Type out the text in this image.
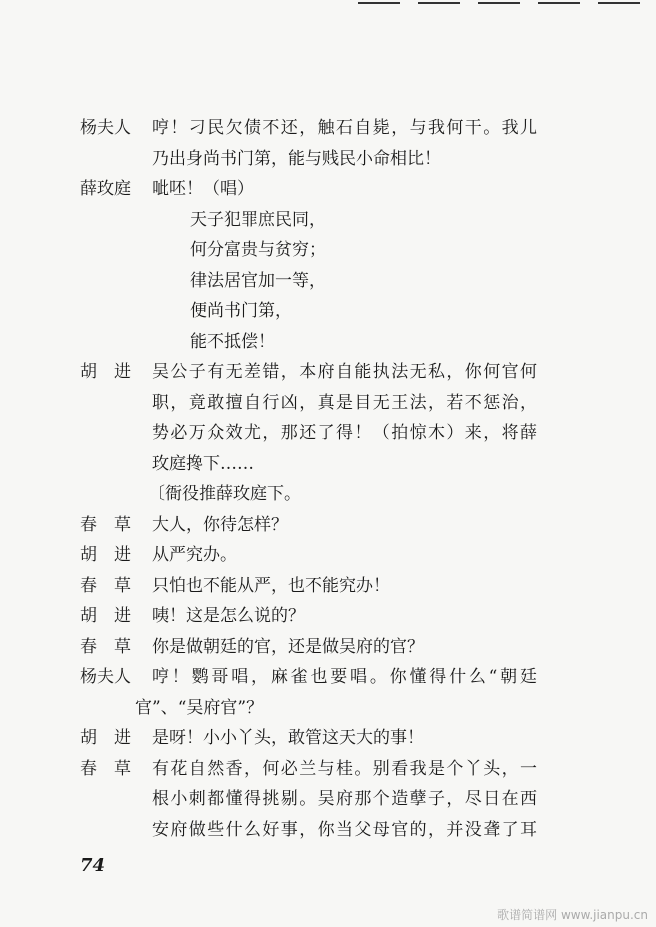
杨夫人 哼！刁民欠债不还，触石自毙，与我何干。我儿
乃出身尚书门第，能与贱民小命相比！
薛玫庭 呲呸！（唱）
天子犯罪庶民同，
何分富贵与贫穷；
律法居官加一等，
便尚书门第，
能不抵偿！
胡进 吴公子有无差错，本府自能执法无私，你何官何
职，竟敢擅自行凶，真是目无王法，若不惩治，
势必万众效尤，那还了得！（拍惊木）来，将薛
玫庭搀下……
〔衙役推薛玫庭下。
春草 大人，你待怎样？
胡进 从严究办。
春草 只怕也不能从严，也不能究办！
胡进 咦！这是怎么说的？
春草 你是做朝廷的官，还是做吴府的官？
杨夫人 哼！鹦哥唱，麻雀也要唱。你懂得什么“朝廷
官”、“吴府官”？
胡进 是呀！小小丫头，敢管这天大的事！
春草 有花自然香，何必兰与桂。别看我是个丫头，一
根小刺都懂得挑剔。吴府那个造孽子，尽日在西
安府做些什么好事，你当父母官的，并没聋了耳
74
歌谱简谱网 www.jianpu.cn
